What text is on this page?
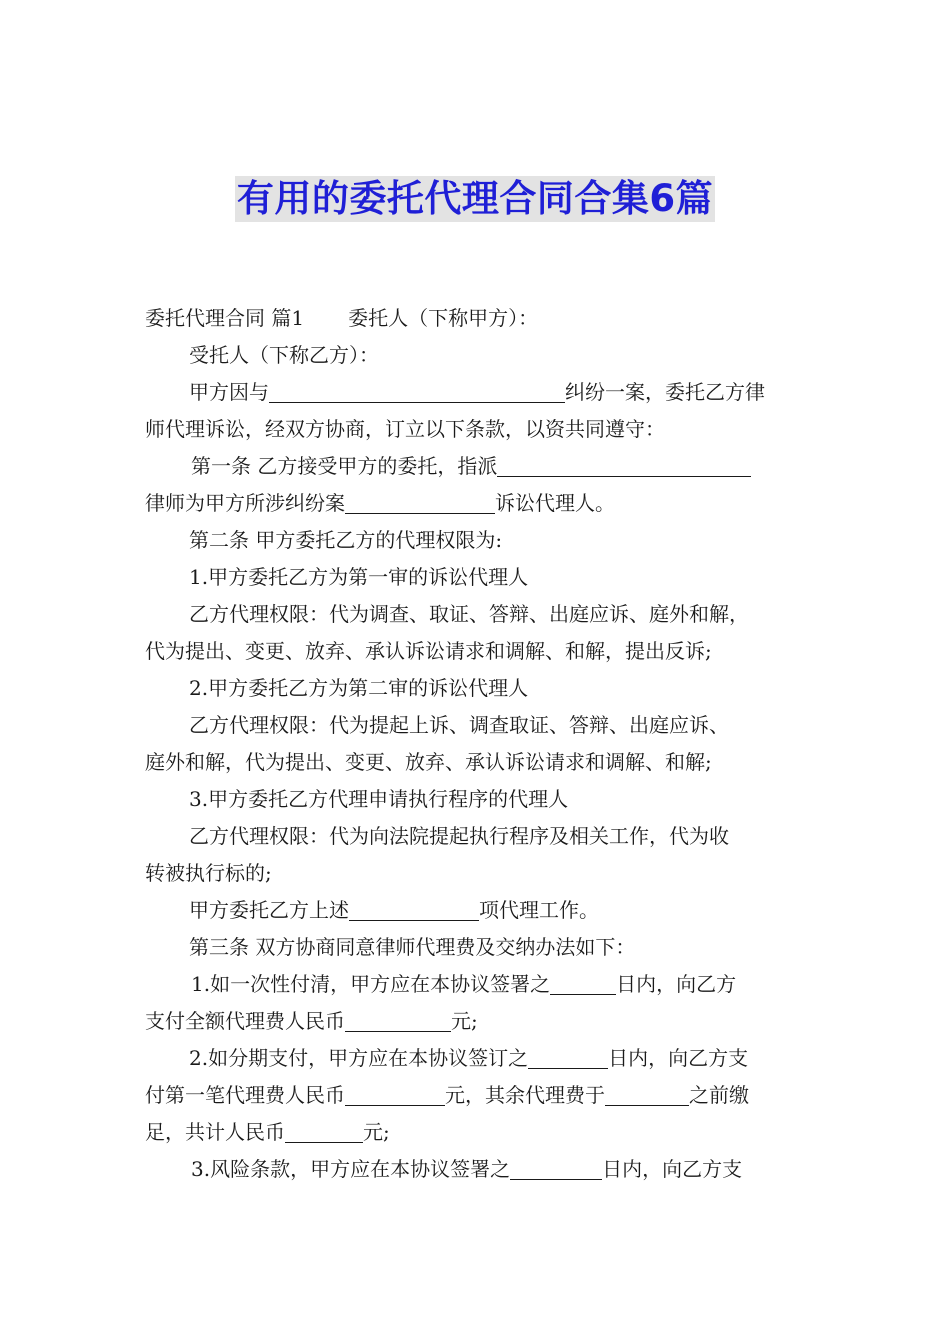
有用的委托代理合同合集6篇

委托代理合同 篇1 委托人（下称甲方）：

受托人（下称乙方）：

甲方因与	纠纷一案，委托乙方律

师代理诉讼，经双方协商，订立以下条款，以资共同遵守：

第一条 乙方接受甲方的委托，指派

律师为甲方所涉纠纷案	诉讼代理人。

第二条 甲方委托乙方的代理权限为:

1.甲方委托乙方为第一审的诉讼代理人

乙方代理权限：代为调查、取证、答辩、出庭应诉、庭外和解，

代为提出、变更、放弃、承认诉讼请求和调解、和解，提出反诉;

2.甲方委托乙方为第二审的诉讼代理人

乙方代理权限：代为提起上诉、调查取证、答辩、出庭应诉、

庭外和解，代为提出、变更、放弃、承认诉讼请求和调解、和解;

3.甲方委托乙方代理申请执行程序的代理人

乙方代理权限：代为向法院提起执行程序及相关工作，代为收

转被执行标的;

甲方委托乙方上述	项代理工作。

第三条 双方协商同意律师代理费及交纳办法如下：

1.如一次性付清，甲方应在本协议签署之	日内，向乙方

支付全额代理费人民币	元;

2.如分期支付，甲方应在本协议签订之	日内，向乙方支

付第一笔代理费人民币	元，其余代理费于	之前缴

足，共计人民币	元;

3.风险条款，甲方应在本协议签署之	日内，向乙方支
